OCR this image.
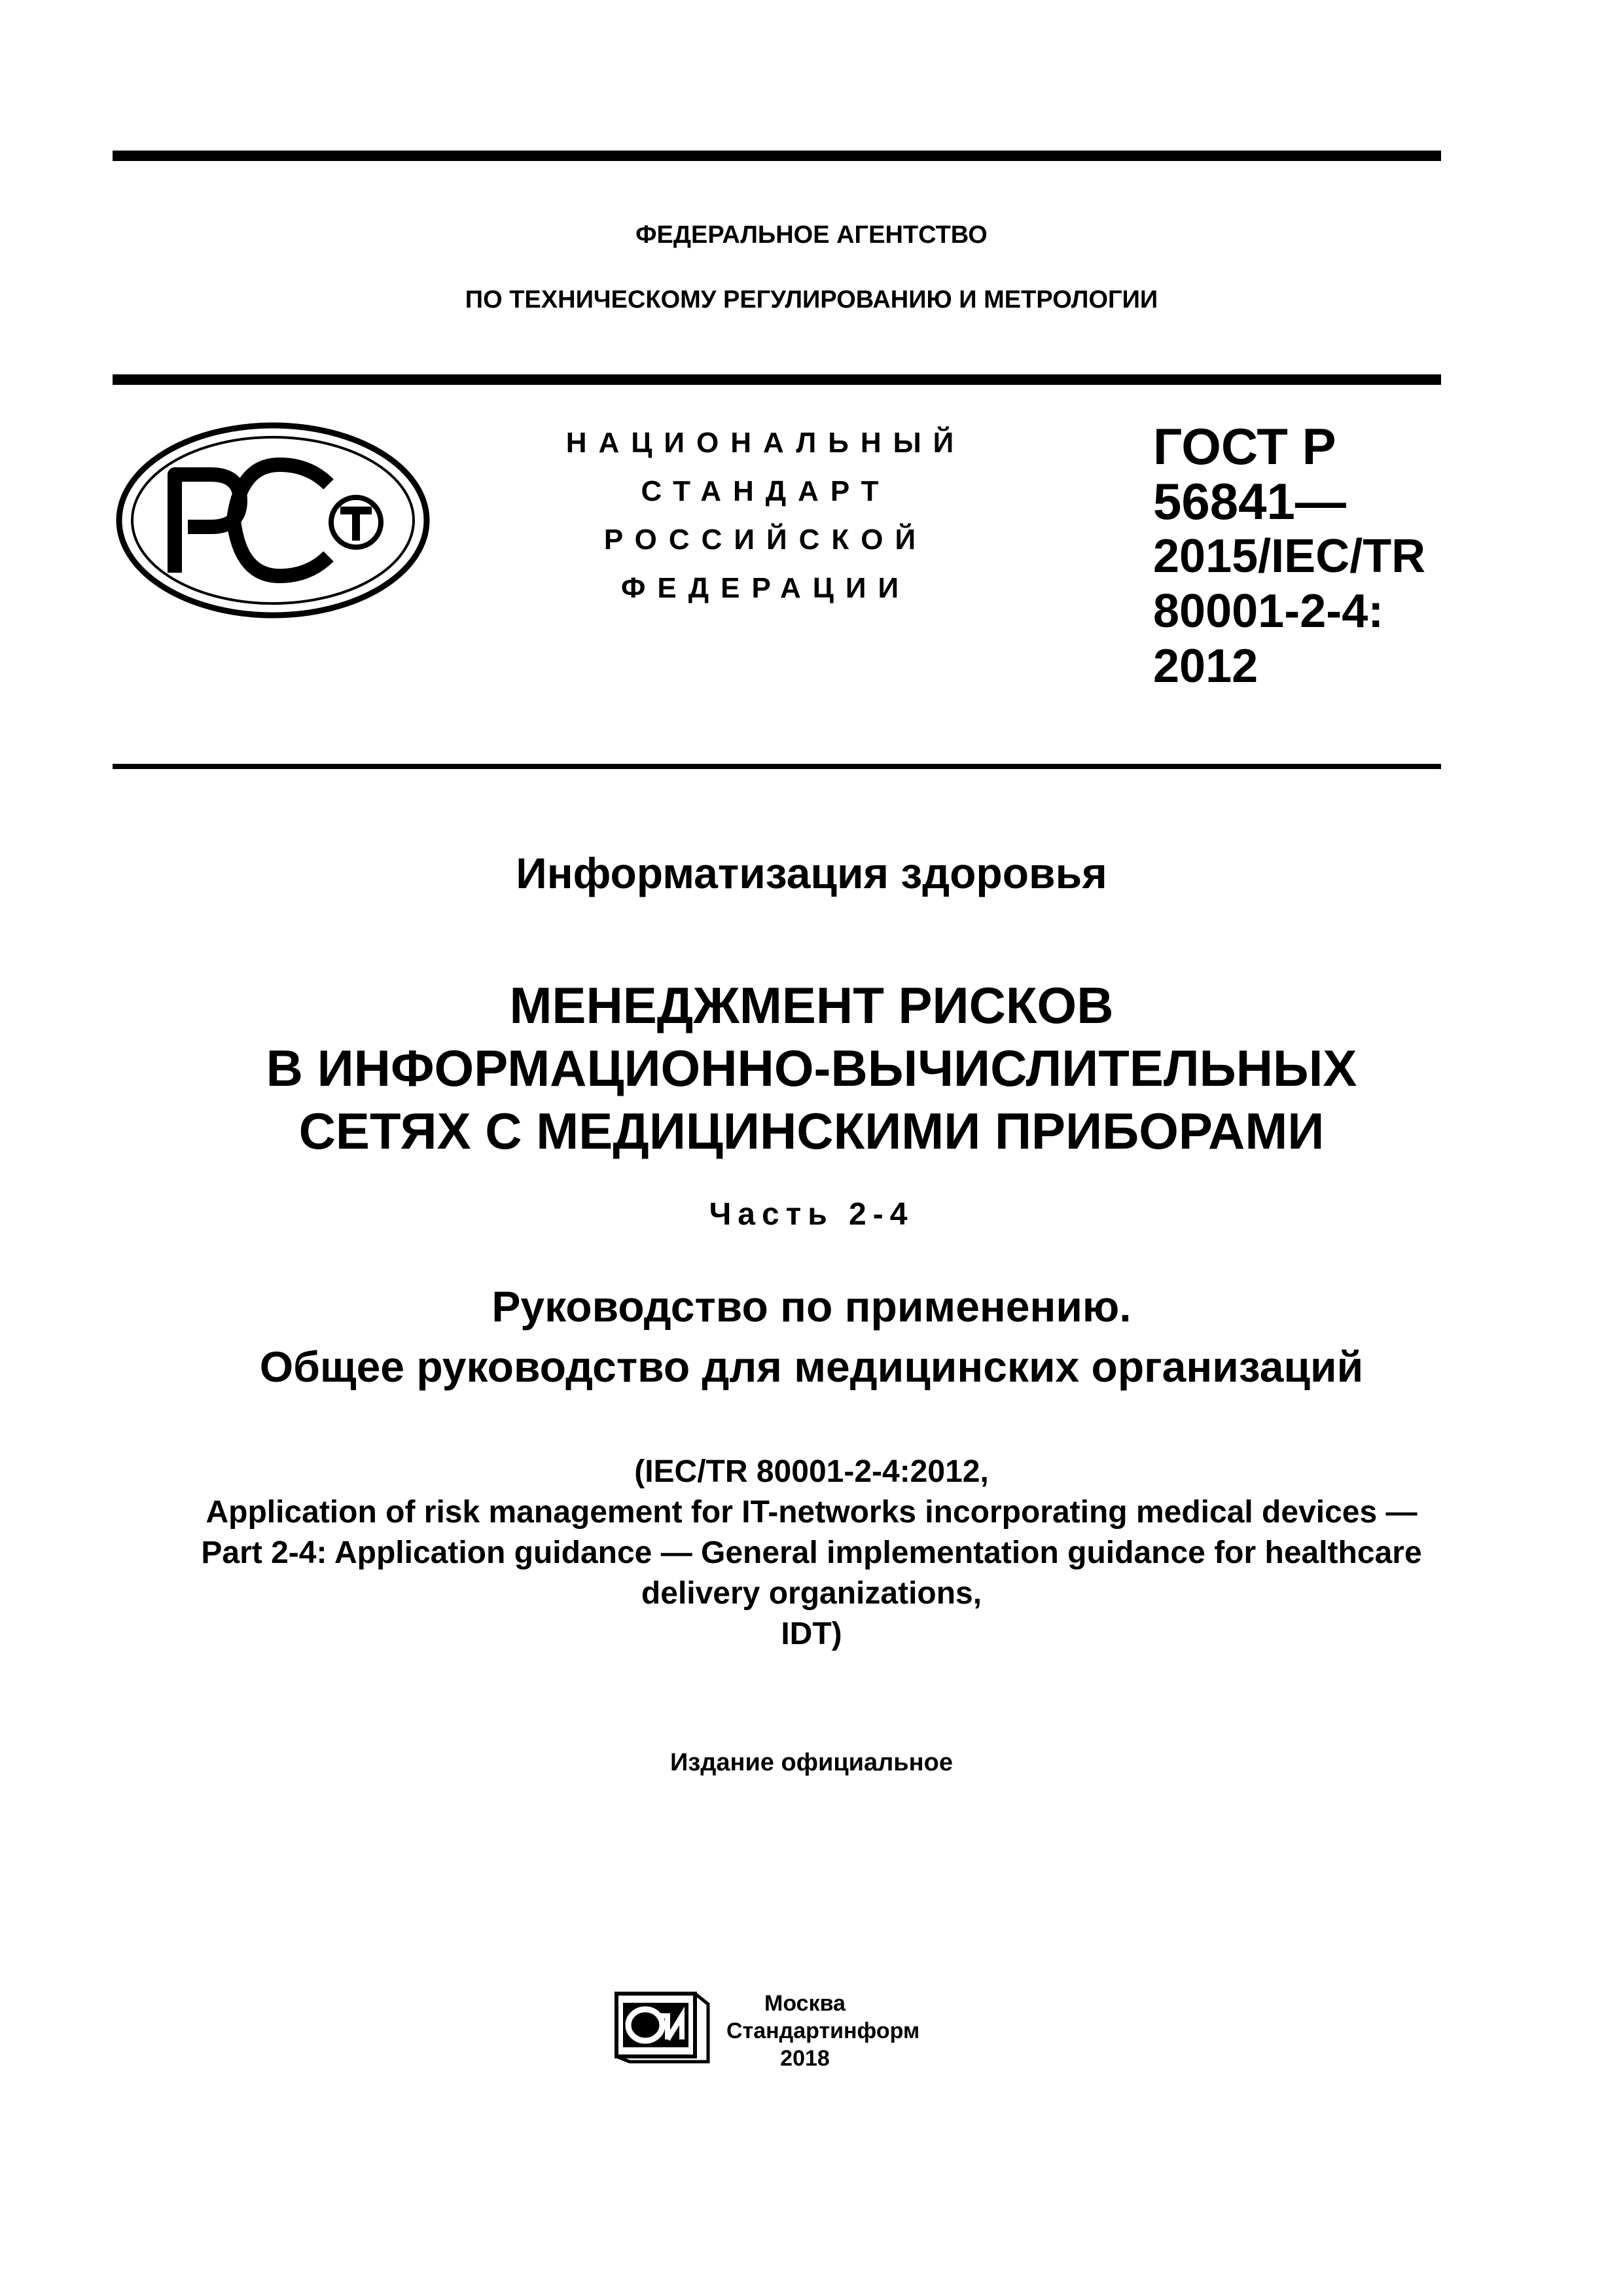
ФЕДЕРАЛЬНОЕ АГЕНТСТВО
ПО ТЕХНИЧЕСКОМУ РЕГУЛИРОВАНИЮ И МЕТРОЛОГИИ
НАЦИОНАЛЬНЫЙ
СТАНДАРТ
РОССИЙСКОЙ
ФЕДЕРАЦИИ
ГОСТ Р
56841—
2015/IEC/TR
80001-2-4:
2012
Информатизация здоровья
МЕНЕДЖМЕНТ РИСКОВ
В ИНФОРМАЦИОННО-ВЫЧИСЛИТЕЛЬНЫХ
СЕТЯХ С МЕДИЦИНСКИМИ ПРИБОРАМИ
Часть 2-4
Руководство по применению.
Общее руководство для медицинских организаций
(IEC/TR 80001-2-4:2012,
Application of risk management for IT-networks incorporating medical devices —
Part 2-4: Application guidance — General implementation guidance for healthcare
delivery organizations,
IDT)
Издание официальное
Москва
Стандартинформ
2018
